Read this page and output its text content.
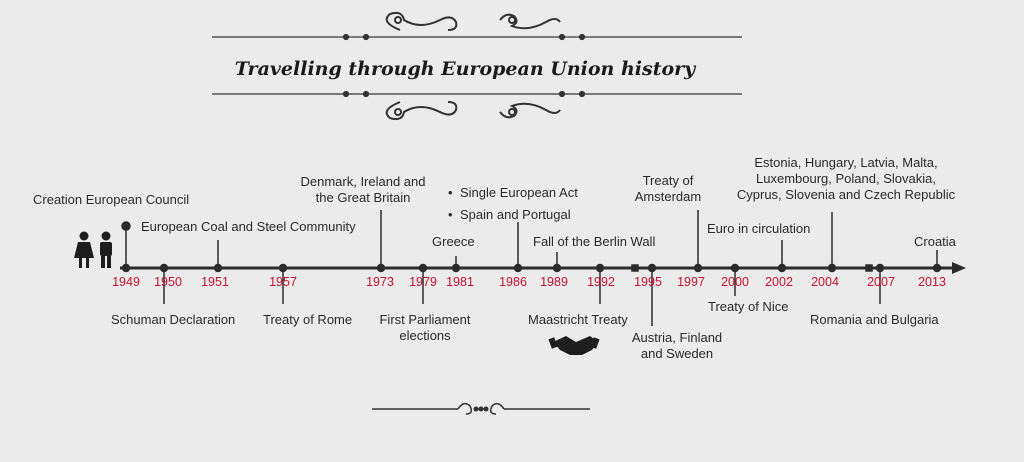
Travelling through European Union history
1949 1950 1951	1957	1973 1979 1981 1986 1989 1992 1995 1997 2000 2002 2004 2007 2013
Creation European Council
European Coal and Steel Community
Denmark, Ireland and
the Great Britain
Greece
• Single European Act
• Spain and Portugal
Fall of the Berlin Wall
Treaty of
Amsterdam
Euro in circulation
Estonia, Hungary, Latvia, Malta,
Luxembourg, Poland, Slovakia,
Cyprus, Slovenia and Czech Republic
Croatia
Schuman Declaration Treaty of Rome	First Parliament
elections
Maastricht Treaty
Austria, Finland
and Sweden
Treaty of Nice
Romania and Bulgaria
